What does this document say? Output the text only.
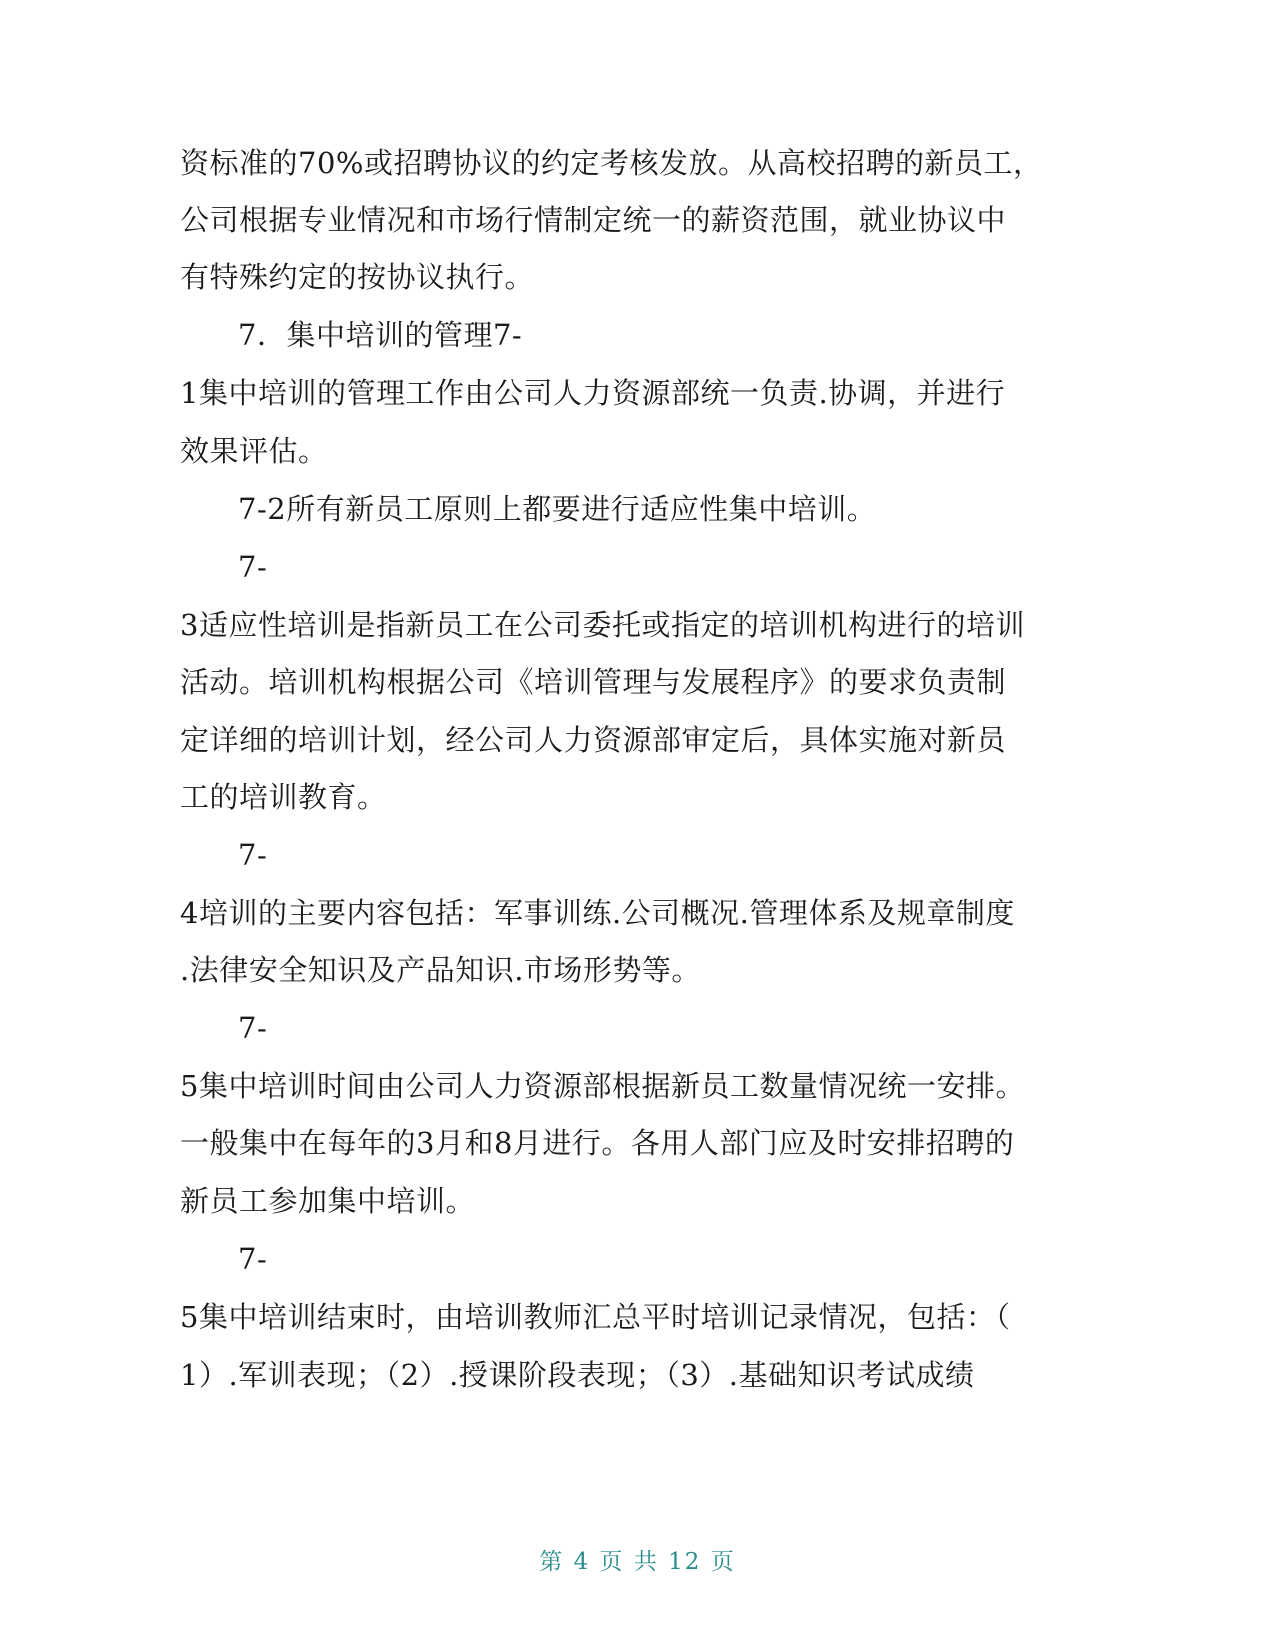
资标准的70%或招聘协议的约定考核发放。从高校招聘的新员工，
公司根据专业情况和市场行情制定统一的薪资范围，就业协议中
有特殊约定的按协议执行。
7．集中培训的管理7-
1集中培训的管理工作由公司人力资源部统一负责.协调，并进行
效果评估。
7-2所有新员工原则上都要进行适应性集中培训。
7-
3适应性培训是指新员工在公司委托或指定的培训机构进行的培训
活动。培训机构根据公司《培训管理与发展程序》的要求负责制
定详细的培训计划，经公司人力资源部审定后，具体实施对新员
工的培训教育。
7-
4培训的主要内容包括：军事训练.公司概况.管理体系及规章制度
.法律安全知识及产品知识.市场形势等。
7-
5集中培训时间由公司人力资源部根据新员工数量情况统一安排。
一般集中在每年的3月和8月进行。各用人部门应及时安排招聘的
新员工参加集中培训。
7-
5集中培训结束时，由培训教师汇总平时培训记录情况，包括：（
1）.军训表现；（2）.授课阶段表现；（3）.基础知识考试成绩
第 4 页 共 12 页
